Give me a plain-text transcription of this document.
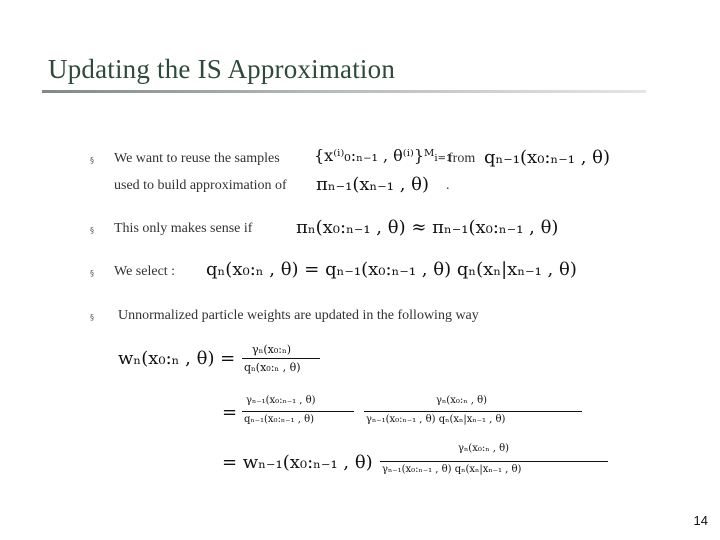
Updating the IS Approximation
§ We want to reuse the samples {x⁽ⁱ⁾₀:ₙ₋₁ , θ⁽ⁱ⁾}ᴹᵢ₌₁
from qₙ₋₁(x₀:ₙ₋₁ , θ)
used to build approximation of πₙ₋₁(xₙ₋₁ , θ) .
§ This only makes sense if πₙ(x₀:ₙ₋₁ , θ) ≈ πₙ₋₁(x₀:ₙ₋₁ , θ)
§ We select : qₙ(x₀:ₙ , θ) = qₙ₋₁(x₀:ₙ₋₁ , θ) qₙ(xₙ|xₙ₋₁ , θ)
§ Unnormalized particle weights are updated in the following way
wₙ(x₀:ₙ , θ) = γₙ(x₀:ₙ)
qₙ(x₀:ₙ , θ)
=
γₙ₋₁(x₀:ₙ₋₁ , θ)
qₙ₋₁(x₀:ₙ₋₁ , θ)
γₙ(x₀:ₙ , θ)
γₙ₋₁(x₀:ₙ₋₁ , θ) qₙ(xₙ|xₙ₋₁ , θ)
= wₙ₋₁(x₀:ₙ₋₁ , θ)
γₙ(x₀:ₙ , θ)
γₙ₋₁(x₀:ₙ₋₁ , θ) qₙ(xₙ|xₙ₋₁ , θ)
14
